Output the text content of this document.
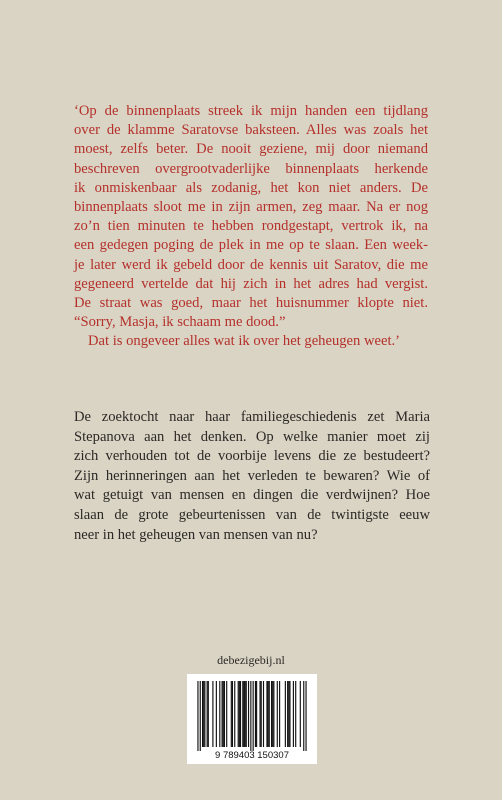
‘Op de binnenplaats streek ik mijn handen een tijdlang
over de klamme Saratovse baksteen. Alles was zoals het
moest, zelfs beter. De nooit geziene, mij door niemand
beschreven overgrootvaderlijke binnenplaats herkende
ik onmiskenbaar als zodanig, het kon niet anders. De
binnenplaats sloot me in zijn armen, zeg maar. Na er nog
zo’n tien minuten te hebben rondgestapt, vertrok ik, na
een gedegen poging de plek in me op te slaan. Een week-
je later werd ik gebeld door de kennis uit Saratov, die me
gegeneerd vertelde dat hij zich in het adres had vergist.
De straat was goed, maar het huisnummer klopte niet.
“Sorry, Masja, ik schaam me dood.”
Dat is ongeveer alles wat ik over het geheugen weet.’
De zoektocht naar haar familiegeschiedenis zet Maria
Stepanova aan het denken. Op welke manier moet zij
zich verhouden tot de voorbije levens die ze bestudeert?
Zijn herinneringen aan het verleden te bewaren? Wie of
wat getuigt van mensen en dingen die verdwijnen? Hoe
slaan de grote gebeurtenissen van de twintigste eeuw
neer in het geheugen van mensen van nu?
debezigebij.nl
9 789403 150307
